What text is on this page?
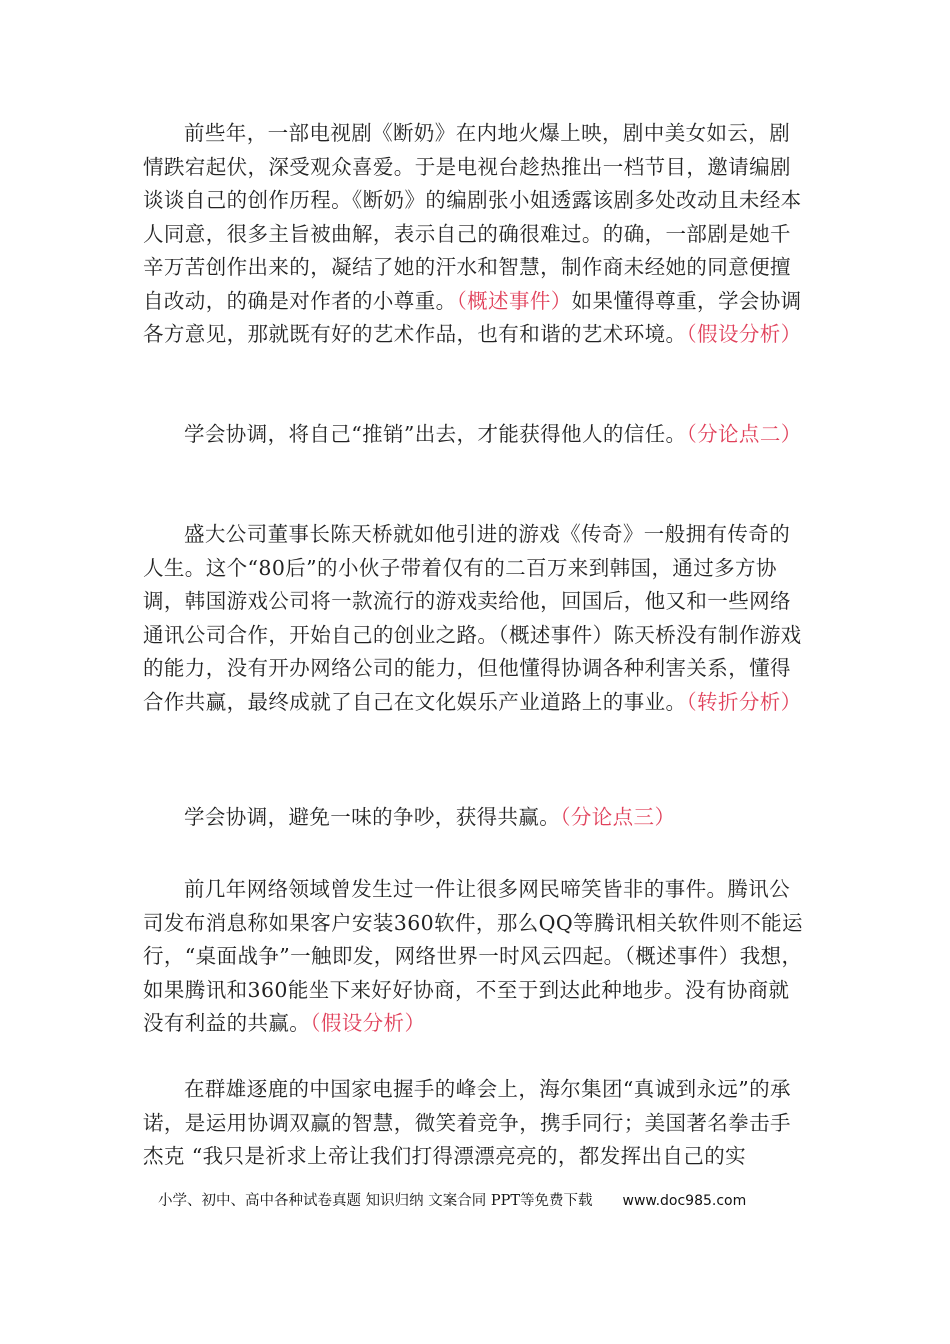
前些年，一部电视剧《断奶》在内地火爆上映，剧中美女如云，剧情跌宕起伏，深受观众喜爱。于是电视台趁热推出一档节目，邀请编剧谈谈自己的创作历程。《断奶》的编剧张小姐透露该剧多处改动且未经本人同意，很多主旨被曲解，表示自己的确很难过。的确，一部剧是她千辛万苦创作出来的，凝结了她的汗水和智慧，制作商未经她的同意便擅自改动，的确是对作者的小尊重。（概述事件）如果懂得尊重，学会协调各方意见，那就既有好的艺术作品，也有和谐的艺术环境。（假设分析）

学会协调，将自己“推销”出去，才能获得他人的信任。（分论点二）

盛大公司董事长陈天桥就如他引进的游戏《传奇》一般拥有传奇的人生。这个“80后”的小伙子带着仅有的二百万来到韩国，通过多方协调，韩国游戏公司将一款流行的游戏卖给他，回国后，他又和一些网络通讯公司合作，开始自己的创业之路。（概述事件）陈天桥没有制作游戏的能力，没有开办网络公司的能力，但他懂得协调各种利害关系，懂得合作共赢，最终成就了自己在文化娱乐产业道路上的事业。（转折分析）

学会协调，避免一味的争吵，获得共赢。（分论点三）

前几年网络领域曾发生过一件让很多网民啼笑皆非的事件。腾讯公司发布消息称如果客户安装360软件，那么QQ等腾讯相关软件则不能运行，“桌面战争”一触即发，网络世界一时风云四起。（概述事件）我想，如果腾讯和360能坐下来好好协商，不至于到达此种地步。没有协商就没有利益的共赢。（假设分析）

在群雄逐鹿的中国家电握手的峰会上，海尔集团“真诚到永远”的承诺，是运用协调双赢的智慧，微笑着竞争，携手同行；美国著名拳击手杰克 “我只是祈求上帝让我们打得漂漂亮亮的，都发挥出自己的实

小学、初中、高中各种试卷真题 知识归纳 文案合同 PPT等免费下载 www.doc985.com
